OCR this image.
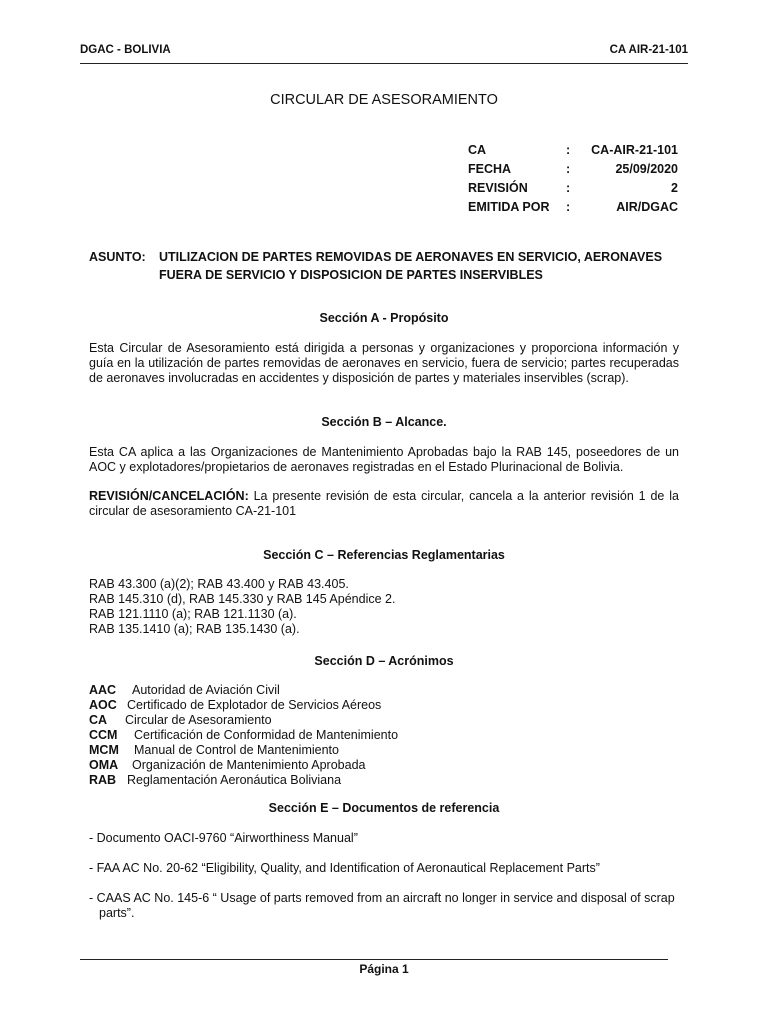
DGAC - BOLIVIA	CA AIR-21-101
CIRCULAR DE ASESORAMIENTO
CA	: CA-AIR-21-101
FECHA	:	25/09/2020
REVISIÓN	:	2
EMITIDA POR :	AIR/DGAC
ASUNTO: UTILIZACION DE PARTES REMOVIDAS DE AERONAVES EN SERVICIO, AERONAVES
FUERA DE SERVICIO Y DISPOSICION DE PARTES INSERVIBLES
Sección A - Propósito
Esta Circular de Asesoramiento está dirigida a personas y organizaciones y proporciona información y guía en la utilización de partes removidas de aeronaves en servicio, fuera de servicio; partes recuperadas de aeronaves involucradas en accidentes y disposición de partes y materiales inservibles (scrap).
Sección B – Alcance.
Esta CA aplica a las Organizaciones de Mantenimiento Aprobadas bajo la RAB 145, poseedores de un AOC y explotadores/propietarios de aeronaves registradas en el Estado Plurinacional de Bolivia.
REVISIÓN/CANCELACIÓN: La presente revisión de esta circular, cancela a la anterior revisión 1 de la circular de asesoramiento CA-21-101
Sección C – Referencias Reglamentarias
RAB 43.300 (a)(2); RAB 43.400 y RAB 43.405.
RAB 145.310 (d), RAB 145.330 y RAB 145 Apéndice 2.
RAB 121.1110 (a); RAB 121.1130 (a).
RAB 135.1410 (a); RAB 135.1430 (a).
Sección D – Acrónimos
AAC Autoridad de Aviación Civil
AOC Certificado de Explotador de Servicios Aéreos
CA Circular de Asesoramiento
CCM Certificación de Conformidad de Mantenimiento
MCM Manual de Control de Mantenimiento
OMA Organización de Mantenimiento Aprobada
RAB Reglamentación Aeronáutica Boliviana
Sección E – Documentos de referencia
- Documento OACI-9760 “Airworthiness Manual”
- FAA AC No. 20-62 “Eligibility, Quality, and Identification of Aeronautical Replacement Parts”
- CAAS AC No. 145-6 “ Usage of parts removed from an aircraft no longer in service and disposal of scrap
parts”.
Página 1
